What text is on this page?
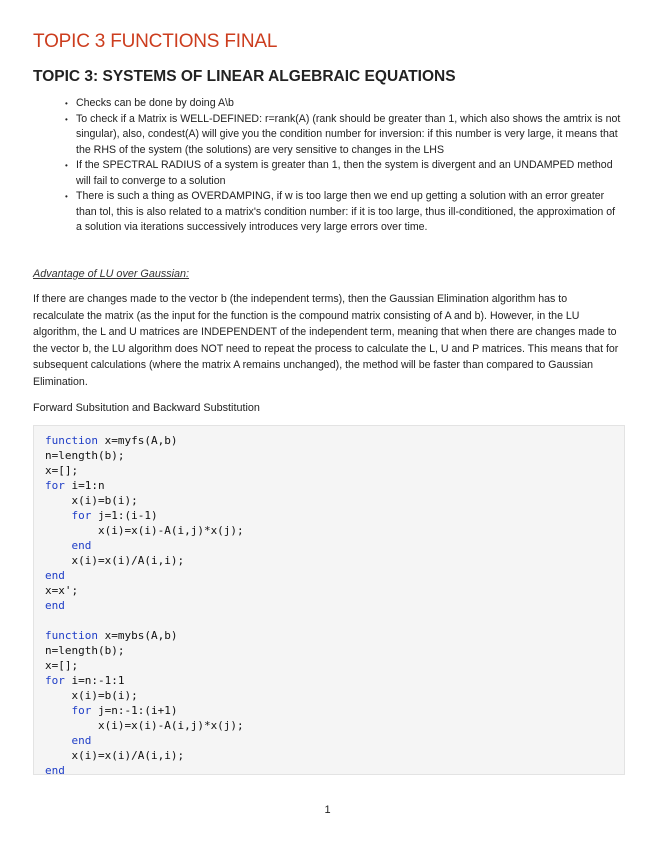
TOPIC 3 FUNCTIONS FINAL
TOPIC 3: SYSTEMS OF LINEAR ALGEBRAIC EQUATIONS
• Checks can be done by doing A\b
• To check if a Matrix is WELL-DEFINED: r=rank(A) (rank should be greater than 1, which also shows the amtrix is not singular), also, condest(A) will give you the condition number for inversion: if this number is very large, it means that the RHS of the system (the solutions) are very sensitive to changes in the LHS
• If the SPECTRAL RADIUS of a system is greater than 1, then the system is divergent and an UNDAMPED method will fail to converge to a solution
• There is such a thing as OVERDAMPING, if w is too large then we end up getting a solution with an error greater than tol, this is also related to a matrix's condition number: if it is too large, thus ill-conditioned, the approximation of a solution via iterations successively introduces very large errors over time.
Advantage of LU over Gaussian:

If there are changes made to the vector b (the independent terms), then the Gaussian Elimination algorithm has to recalculate the matrix (as the input for the function is the compound matrix consisting of A and b). However, in the LU algorithm, the L and U matrices are INDEPENDENT of the independent term, meaning that when there are changes made to the vector b, the LU algorithm does NOT need to repeat the process to calculate the L, U and P matrices. This means that for subsequent calculations (where the matrix A remains unchanged), the method will be faster than compared to Gaussian Elimination.

Forward Subsitution and Backward Substitution
function x=myfs(A,b)
n=length(b);
x=[];
for i=1:n
x(i)=b(i);
for j=1:(i-1)
x(i)=x(i)-A(i,j)*x(j);
end
x(i)=x(i)/A(i,i);
end
x=x';
end
function x=mybs(A,b)
n=length(b);
x=[];
for i=n:-1:1
x(i)=b(i);
for j=n:-1:(i+1)
x(i)=x(i)-A(i,j)*x(j);
end
x(i)=x(i)/A(i,i);
end
1
